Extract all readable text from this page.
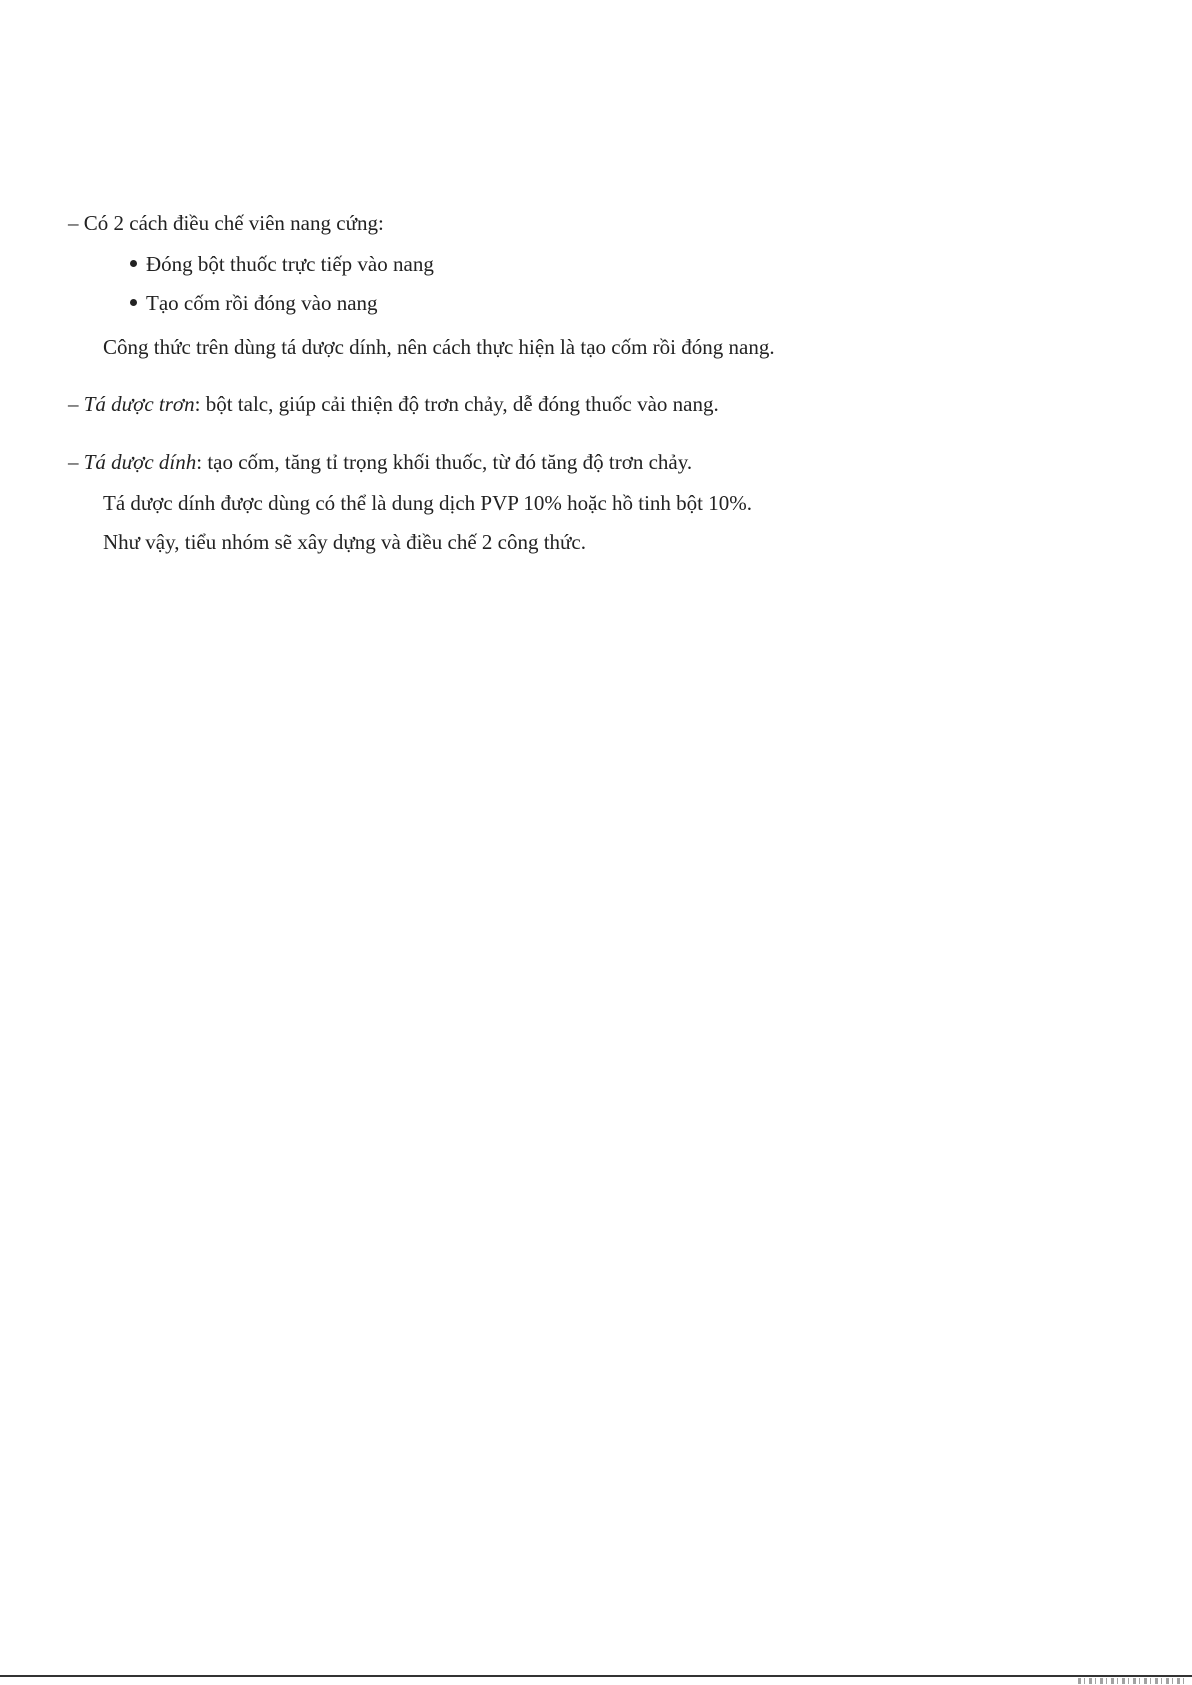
– Có 2 cách điều chế viên nang cứng:
Đóng bột thuốc trực tiếp vào nang
Tạo cốm rồi đóng vào nang
Công thức trên dùng tá dược dính, nên cách thực hiện là tạo cốm rồi đóng nang.
– Tá dược trơn: bột talc, giúp cải thiện độ trơn chảy, dễ đóng thuốc vào nang.
– Tá dược dính: tạo cốm, tăng tỉ trọng khối thuốc, từ đó tăng độ trơn chảy.
Tá dược dính được dùng có thể là dung dịch PVP 10% hoặc hồ tinh bột 10%.
Như vậy, tiểu nhóm sẽ xây dựng và điều chế 2 công thức.
